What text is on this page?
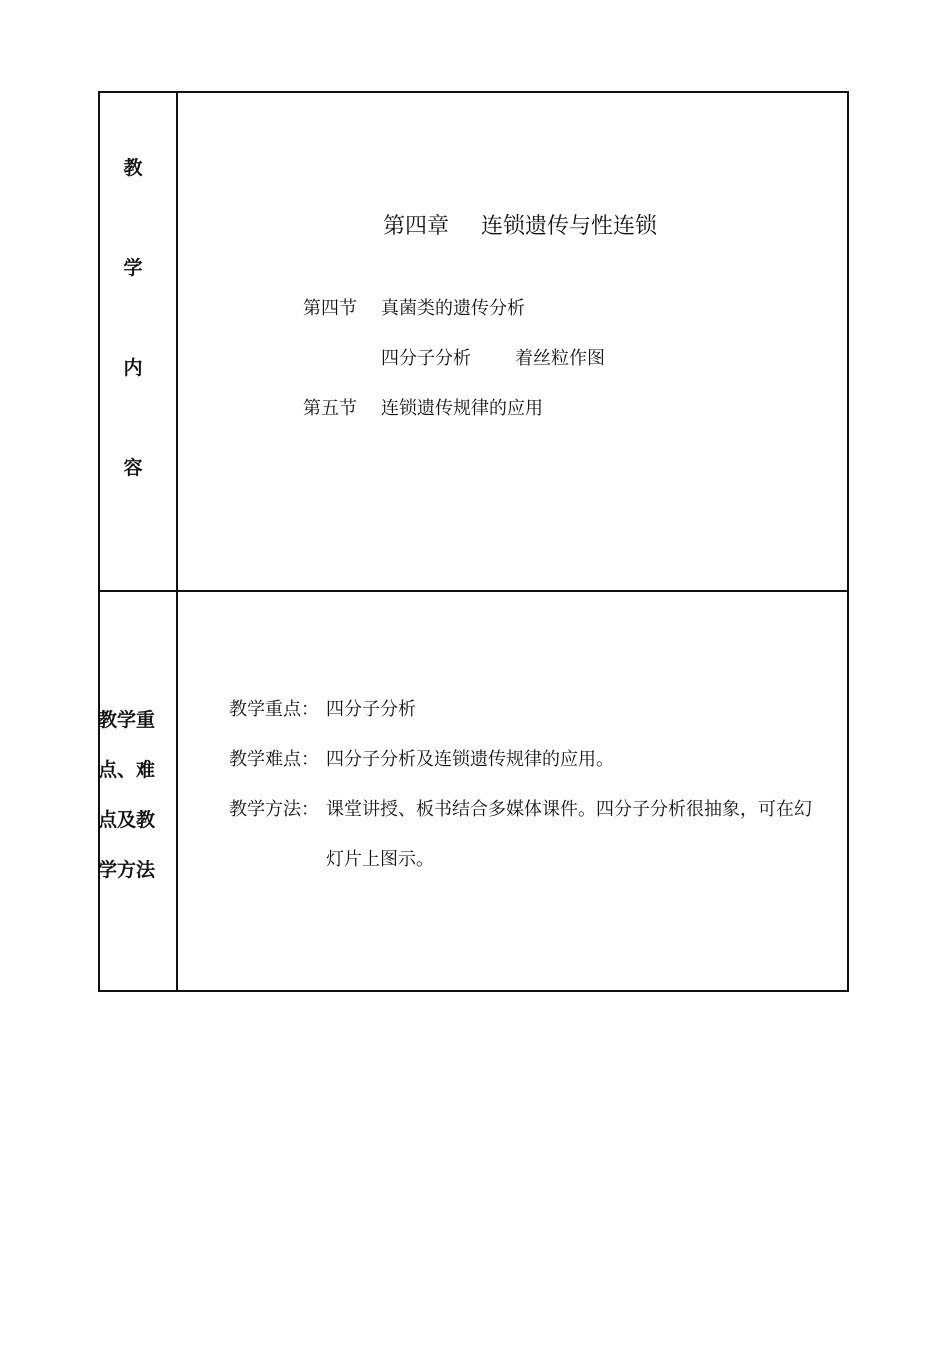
教
学
内
容
第四章 连锁遗传与性连锁
第四节 真菌类的遗传分析
四分子分析 着丝粒作图
第五节 连锁遗传规律的应用
教学重
点、难
点及教
学方法
教学重点： 四分子分析
教学难点： 四分子分析及连锁遗传规律的应用。
教学方法： 课堂讲授、板书结合多媒体课件。四分子分析很抽象，可在幻
灯片上图示。
